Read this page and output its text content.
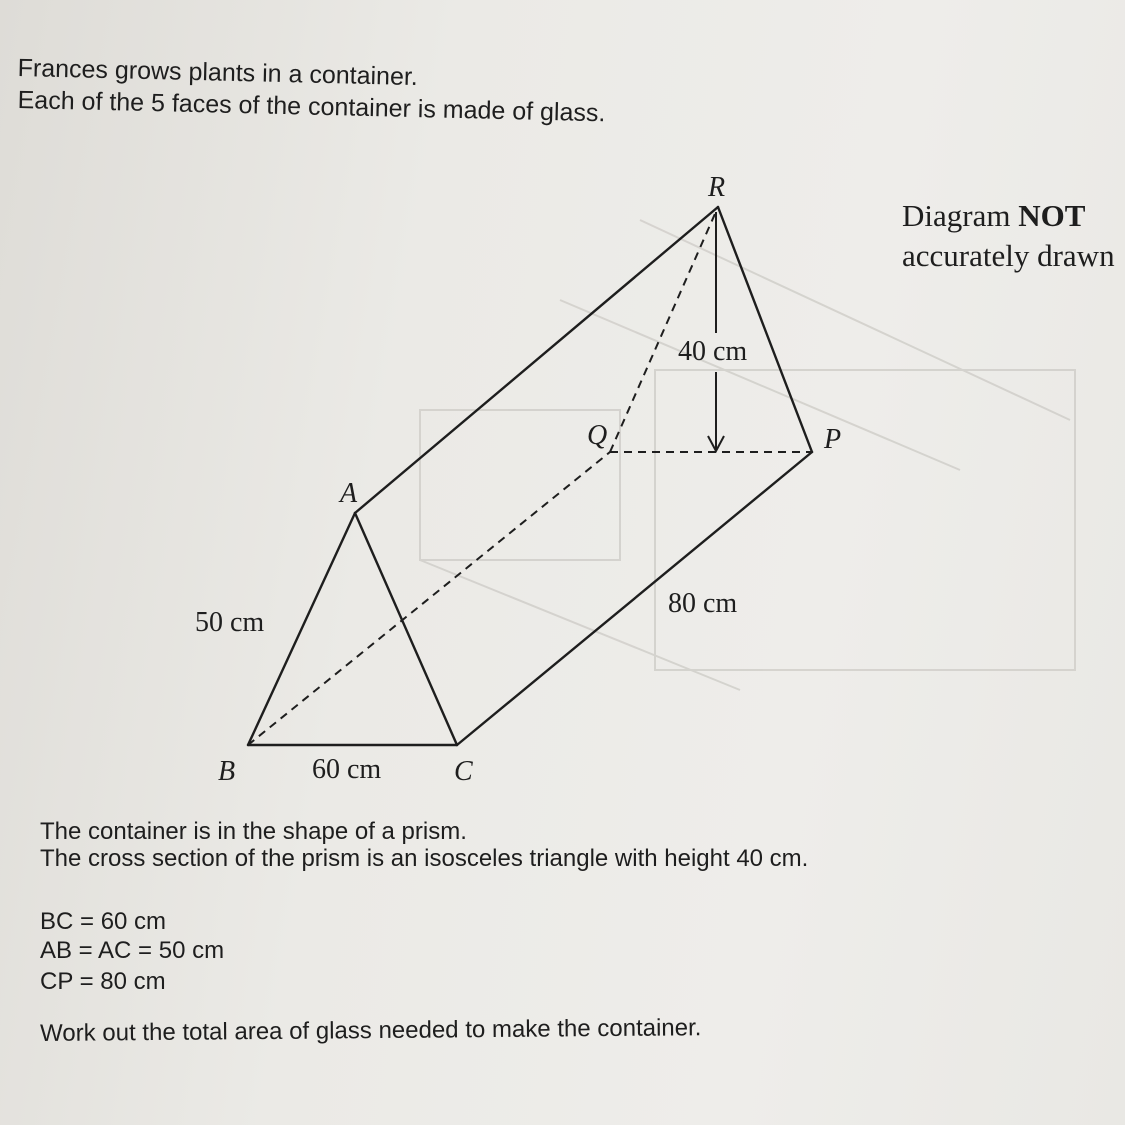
Frances grows plants in a container.
Each of the 5 faces of the container is made of glass.
Diagram NOT
accurately drawn
R
Q	P
A
B	C
40 cm
80 cm
50 cm
60 cm
The container is in the shape of a prism.
The cross section of the prism is an isosceles triangle with height 40 cm.
BC = 60 cm
AB = AC = 50 cm
CP = 80 cm
Work out the total area of glass needed to make the container.
